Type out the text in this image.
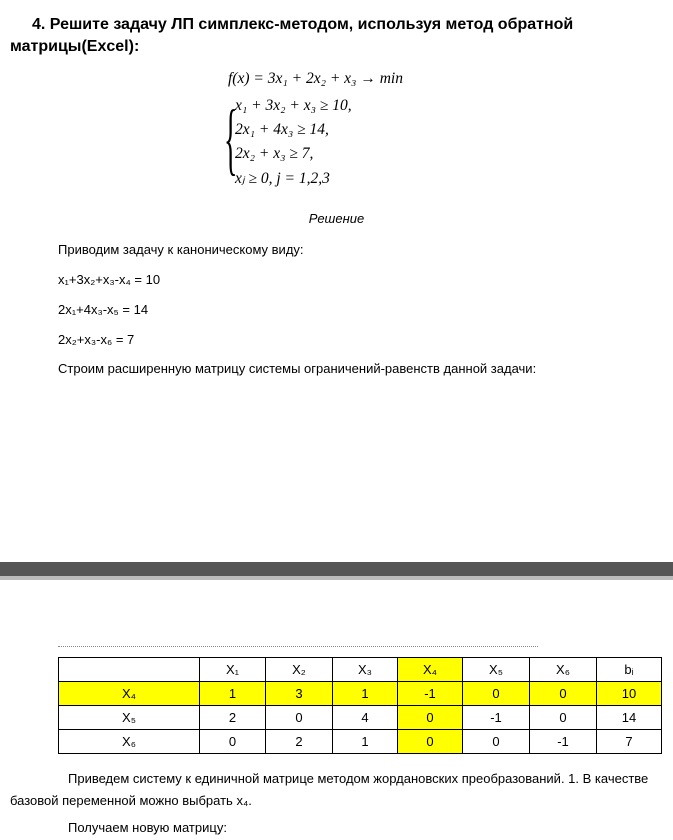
4. Решите задачу ЛП симплекс-методом, используя метод обратной
матрицы(Excel):
f(x) = 3x₁ + 2x₂ + x₃ → min
{
x₁ + 3x₂ + x₃ ≥ 10,
2x₁ + 4x₃ ≥ 14,
2x₂ + x₃ ≥ 7,
xⱼ ≥ 0, j = 1,2,3
Решение
Приводим задачу к каноническому виду:
x₁+3x₂+x₃-x₄ = 10
2x₁+4x₃-x₅ = 14
2x₂+x₃-x₆ = 7
Строим расширенную матрицу системы ограничений-равенств данной задачи:
	X₁	X₂	X₃	X₄	X₅	X₆	bᵢ
X₄	1	3	1	-1	0	0	10
X₅	2	0	4	0	-1	0	14
X₆	0	2	1	0	0	-1	7
Приведем систему к единичной матрице методом жордановских преобразований. 1. В качестве базовой переменной можно выбрать x₄.
Получаем новую матрицу:
